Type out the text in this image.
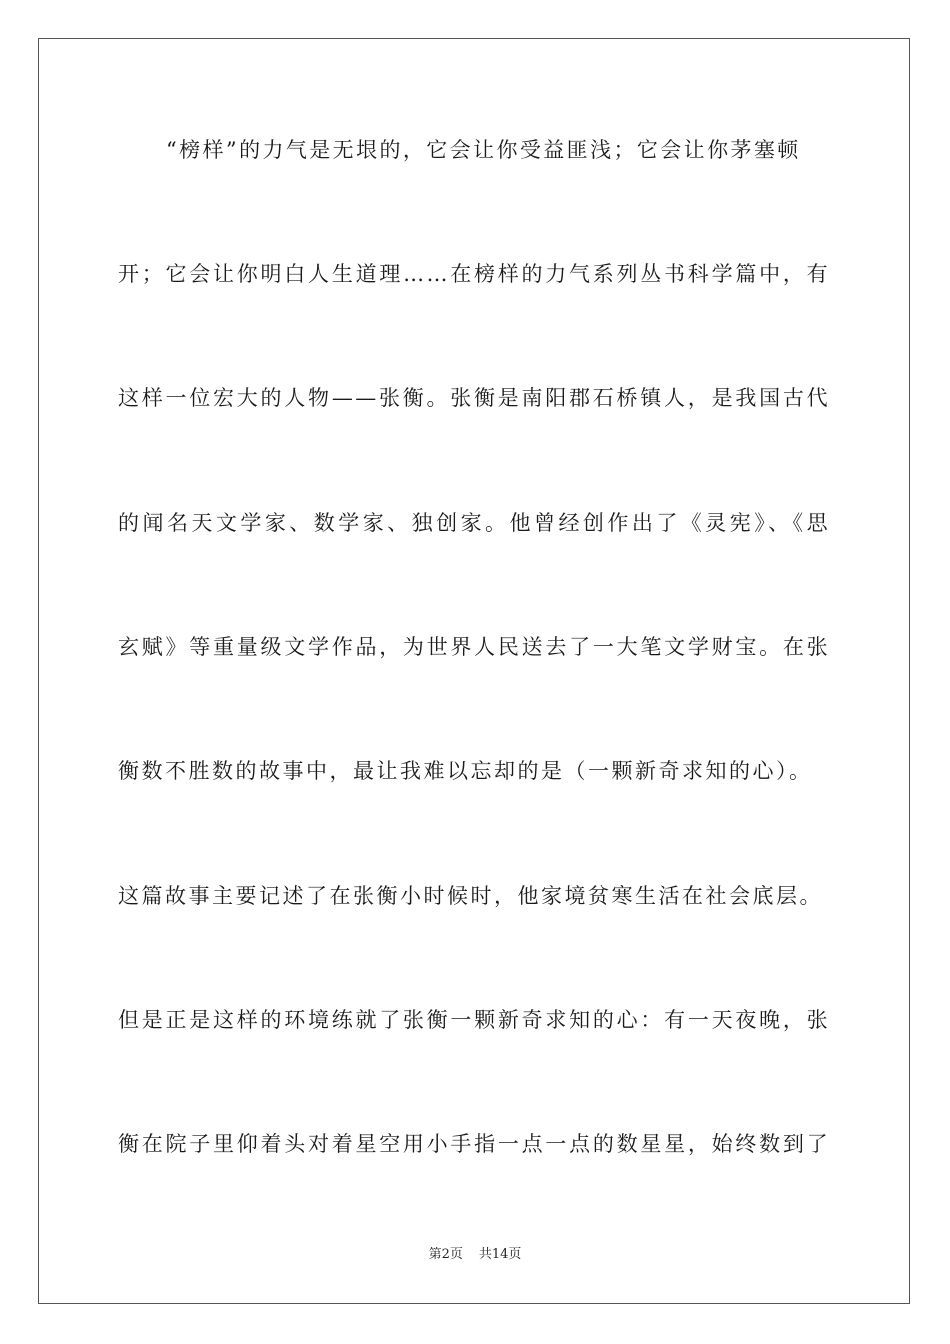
“榜样”的力气是无垠的，它会让你受益匪浅；它会让你茅塞顿
开；它会让你明白人生道理……在榜样的力气系列丛书科学篇中，有
这样一位宏大的人物——张衡。张衡是南阳郡石桥镇人，是我国古代
的闻名天文学家、数学家、独创家。他曾经创作出了《灵宪》、《思
玄赋》等重量级文学作品，为世界人民送去了一大笔文学财宝。在张
衡数不胜数的故事中，最让我难以忘却的是（一颗新奇求知的心）。
这篇故事主要记述了在张衡小时候时，他家境贫寒生活在社会底层。
但是正是这样的环境练就了张衡一颗新奇求知的心：有一天夜晚，张
衡在院子里仰着头对着星空用小手指一点一点的数星星，始终数到了
第2页 共14页
